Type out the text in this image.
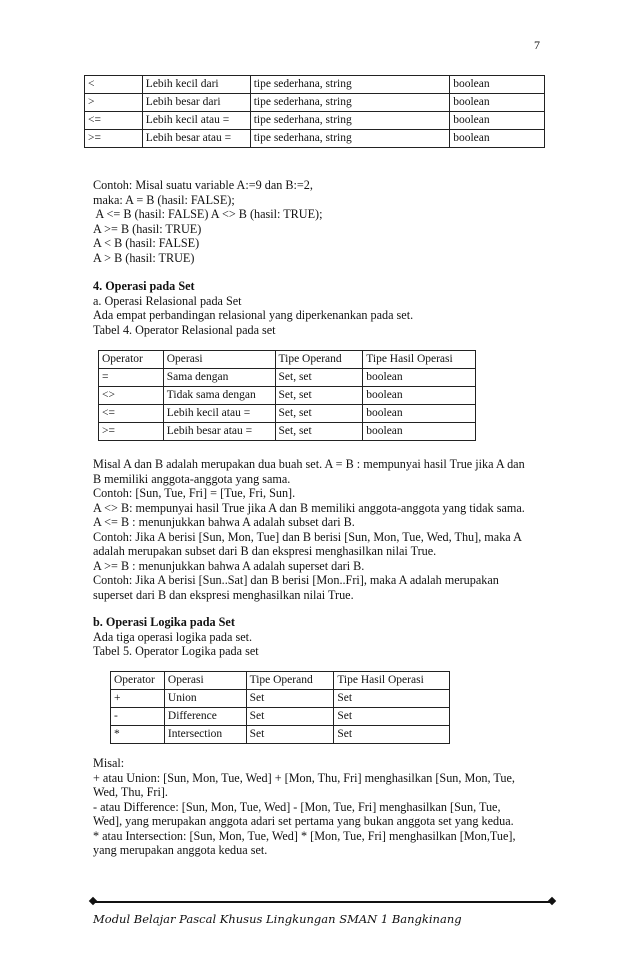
7
<	Lebih kecil dari	tipe sederhana, string	boolean
>	Lebih besar dari	tipe sederhana, string	boolean
<=	Lebih kecil atau =	tipe sederhana, string	boolean
>=	Lebih besar atau =	tipe sederhana, string	boolean
Contoh: Misal suatu variable A:=9 dan B:=2,
maka: A = B (hasil: FALSE);
A <= B (hasil: FALSE) A <> B (hasil: TRUE);
A >= B (hasil: TRUE)
A < B (hasil: FALSE)
A > B (hasil: TRUE)
4. Operasi pada Set
a. Operasi Relasional pada Set
Ada empat perbandingan relasional yang diperkenankan pada set.
Tabel 4. Operator Relasional pada set
Operator	Operasi	Tipe Operand	Tipe Hasil Operasi
=	Sama dengan	Set, set	boolean
<>	Tidak sama dengan	Set, set	boolean
<=	Lebih kecil atau =	Set, set	boolean
>=	Lebih besar atau =	Set, set	boolean
Misal A dan B adalah merupakan dua buah set. A = B : mempunyai hasil True jika A dan
B memiliki anggota-anggota yang sama.
Contoh: [Sun, Tue, Fri] = [Tue, Fri, Sun].
A <> B: mempunyai hasil True jika A dan B memiliki anggota-anggota yang tidak sama.
A <= B : menunjukkan bahwa A adalah subset dari B.
Contoh: Jika A berisi [Sun, Mon, Tue] dan B berisi [Sun, Mon, Tue, Wed, Thu], maka A
adalah merupakan subset dari B dan ekspresi menghasilkan nilai True.
A >= B : menunjukkan bahwa A adalah superset dari B.
Contoh: Jika A berisi [Sun..Sat] dan B berisi [Mon..Fri], maka A adalah merupakan
superset dari B dan ekspresi menghasilkan nilai True.
b. Operasi Logika pada Set
Ada tiga operasi logika pada set.
Tabel 5. Operator Logika pada set
Operator	Operasi	Tipe Operand	Tipe Hasil Operasi
+	Union	Set	Set
-	Difference	Set	Set
*	Intersection	Set	Set
Misal:
+ atau Union: [Sun, Mon, Tue, Wed] + [Mon, Thu, Fri] menghasilkan [Sun, Mon, Tue,
Wed, Thu, Fri].
- atau Difference: [Sun, Mon, Tue, Wed] - [Mon, Tue, Fri] menghasilkan [Sun, Tue,
Wed], yang merupakan anggota adari set pertama yang bukan anggota set yang kedua.
* atau Intersection: [Sun, Mon, Tue, Wed] * [Mon, Tue, Fri] menghasilkan [Mon,Tue],
yang merupakan anggota kedua set.
Modul Belajar Pascal Khusus Lingkungan SMAN 1 Bangkinang
